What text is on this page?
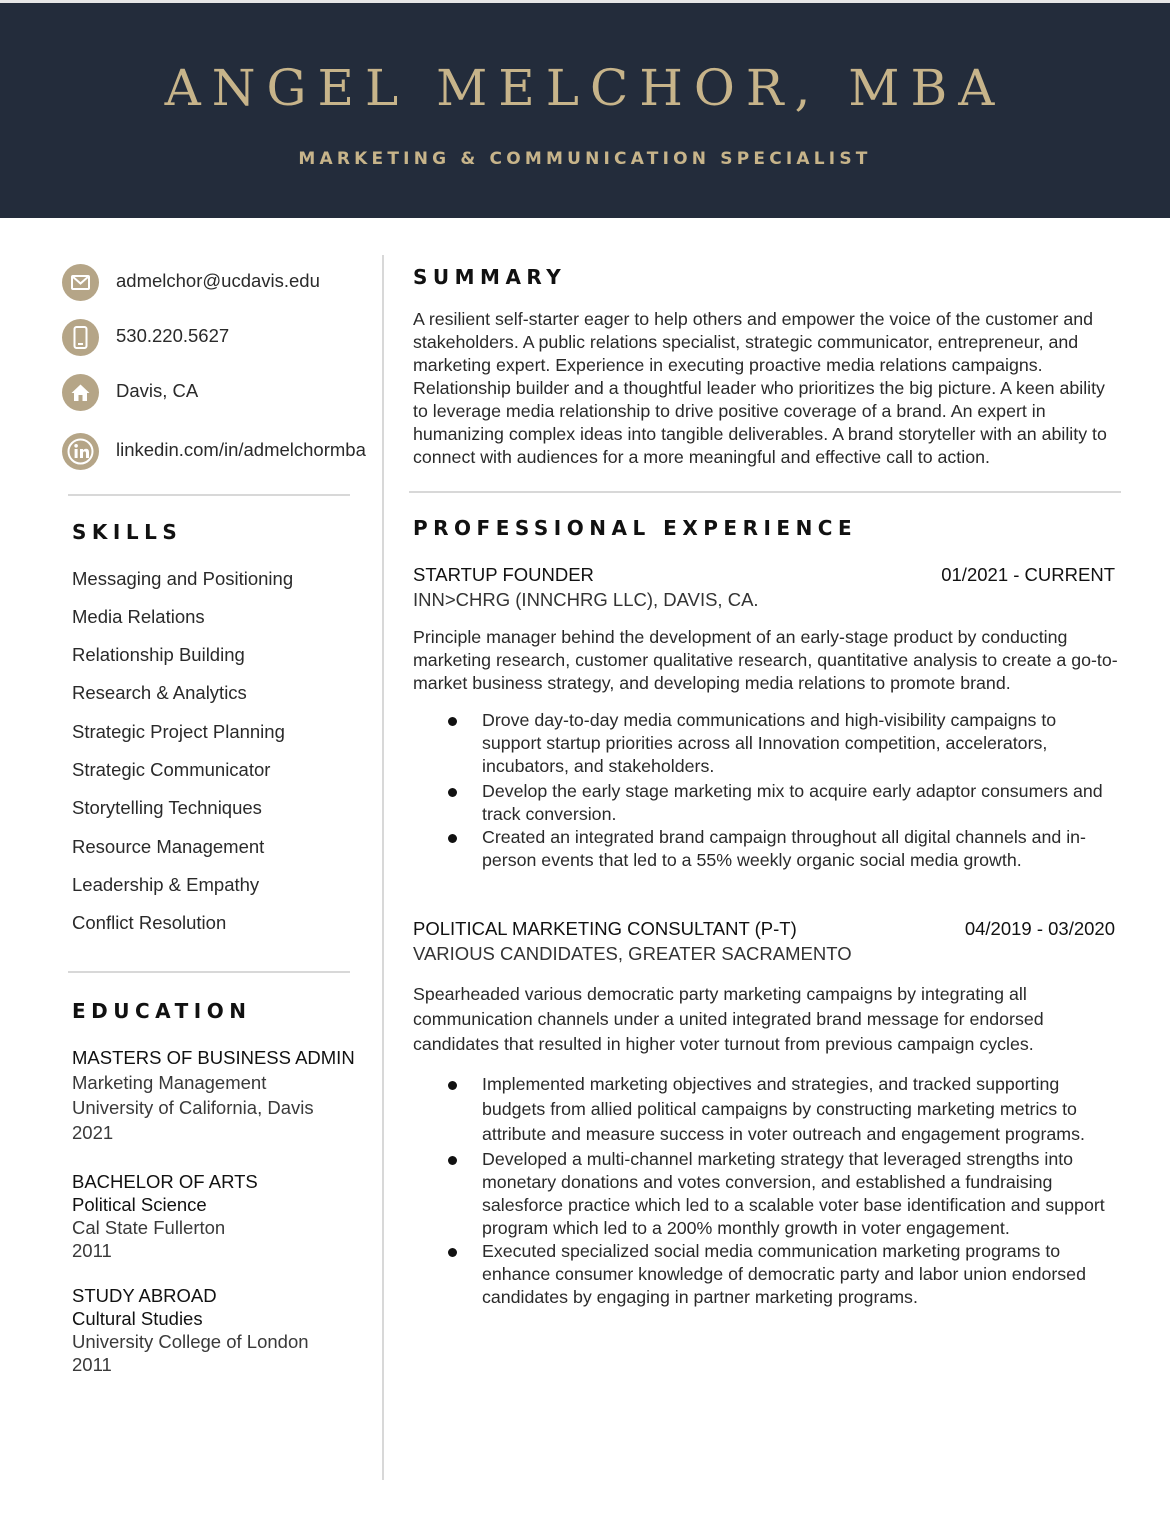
ANGEL MELCHOR, MBA
MARKETING & COMMUNICATION SPECIALIST
admelchor@ucdavis.edu
530.220.5627
Davis, CA
linkedin.com/in/admelchormba
SKILLS
Messaging and Positioning
Media Relations
Relationship Building
Research & Analytics
Strategic Project Planning
Strategic Communicator
Storytelling Techniques
Resource Management
Leadership & Empathy
Conflict Resolution
EDUCATION
MASTERS OF BUSINESS ADMIN
Marketing Management
University of California, Davis
2021
BACHELOR OF ARTS
Political Science
Cal State Fullerton
2011
STUDY ABROAD
Cultural Studies
University College of London
2011
SUMMARY
A resilient self-starter eager to help others and empower the voice of the customer and stakeholders. A public relations specialist, strategic communicator, entrepreneur, and marketing expert. Experience in executing proactive media relations campaigns. Relationship builder and a thoughtful leader who prioritizes the big picture. A keen ability to leverage media relationship to drive positive coverage of a brand. An expert in humanizing complex ideas into tangible deliverables. A brand storyteller with an ability to connect with audiences for a more meaningful and effective call to action.
PROFESSIONAL EXPERIENCE
STARTUP FOUNDER	01/2021 - CURRENT
INN>CHRG (INNCHRG LLC), DAVIS, CA.
Principle manager behind the development of an early-stage product by conducting marketing research, customer qualitative research, quantitative analysis to create a go-to-market business strategy, and developing media relations to promote brand.
Drove day-to-day media communications and high-visibility campaigns to support startup priorities across all Innovation competition, accelerators, incubators, and stakeholders.
Develop the early stage marketing mix to acquire early adaptor consumers and track conversion.
Created an integrated brand campaign throughout all digital channels and in-person events that led to a 55% weekly organic social media growth.
POLITICAL MARKETING CONSULTANT (P-T)	04/2019 - 03/2020
VARIOUS CANDIDATES, GREATER SACRAMENTO
Spearheaded various democratic party marketing campaigns by integrating all communication channels under a united integrated brand message for endorsed candidates that resulted in higher voter turnout from previous campaign cycles.
Implemented marketing objectives and strategies, and tracked supporting budgets from allied political campaigns by constructing marketing metrics to attribute and measure success in voter outreach and engagement programs.
Developed a multi-channel marketing strategy that leveraged strengths into monetary donations and votes conversion, and established a fundraising salesforce practice which led to a scalable voter base identification and support program which led to a 200% monthly growth in voter engagement.
Executed specialized social media communication marketing programs to enhance consumer knowledge of democratic party and labor union endorsed candidates by engaging in partner marketing programs.
